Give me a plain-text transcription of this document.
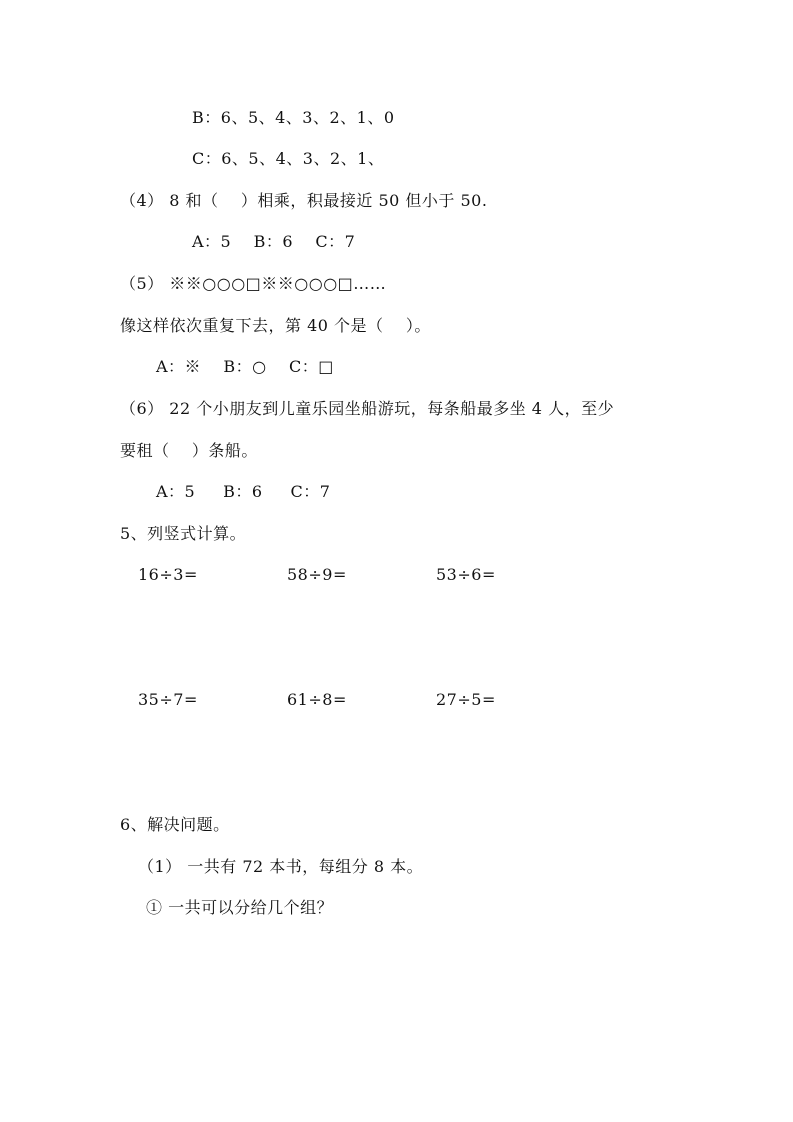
B：6、5、4、3、2、1、0
C：6、5、4、3、2、1、
（4） 8 和（    ）相乘，积最接近 50 但小于 50.
A：5    B：6    C：7
（5） ※※○○○□※※○○○□……
像这样依次重复下去，第 40 个是（    ）。
A：※    B：○    C：□
（6） 22 个小朋友到儿童乐园坐船游玩，每条船最多坐 4 人，至少
要租（    ）条船。
A：5     B：6     C：7
5、列竖式计算。
16÷3=	58÷9=	53÷6=
35÷7=	61÷8=	27÷5=
6、解决问题。
（1） 一共有 72 本书，每组分 8 本。
① 一共可以分给几个组？
